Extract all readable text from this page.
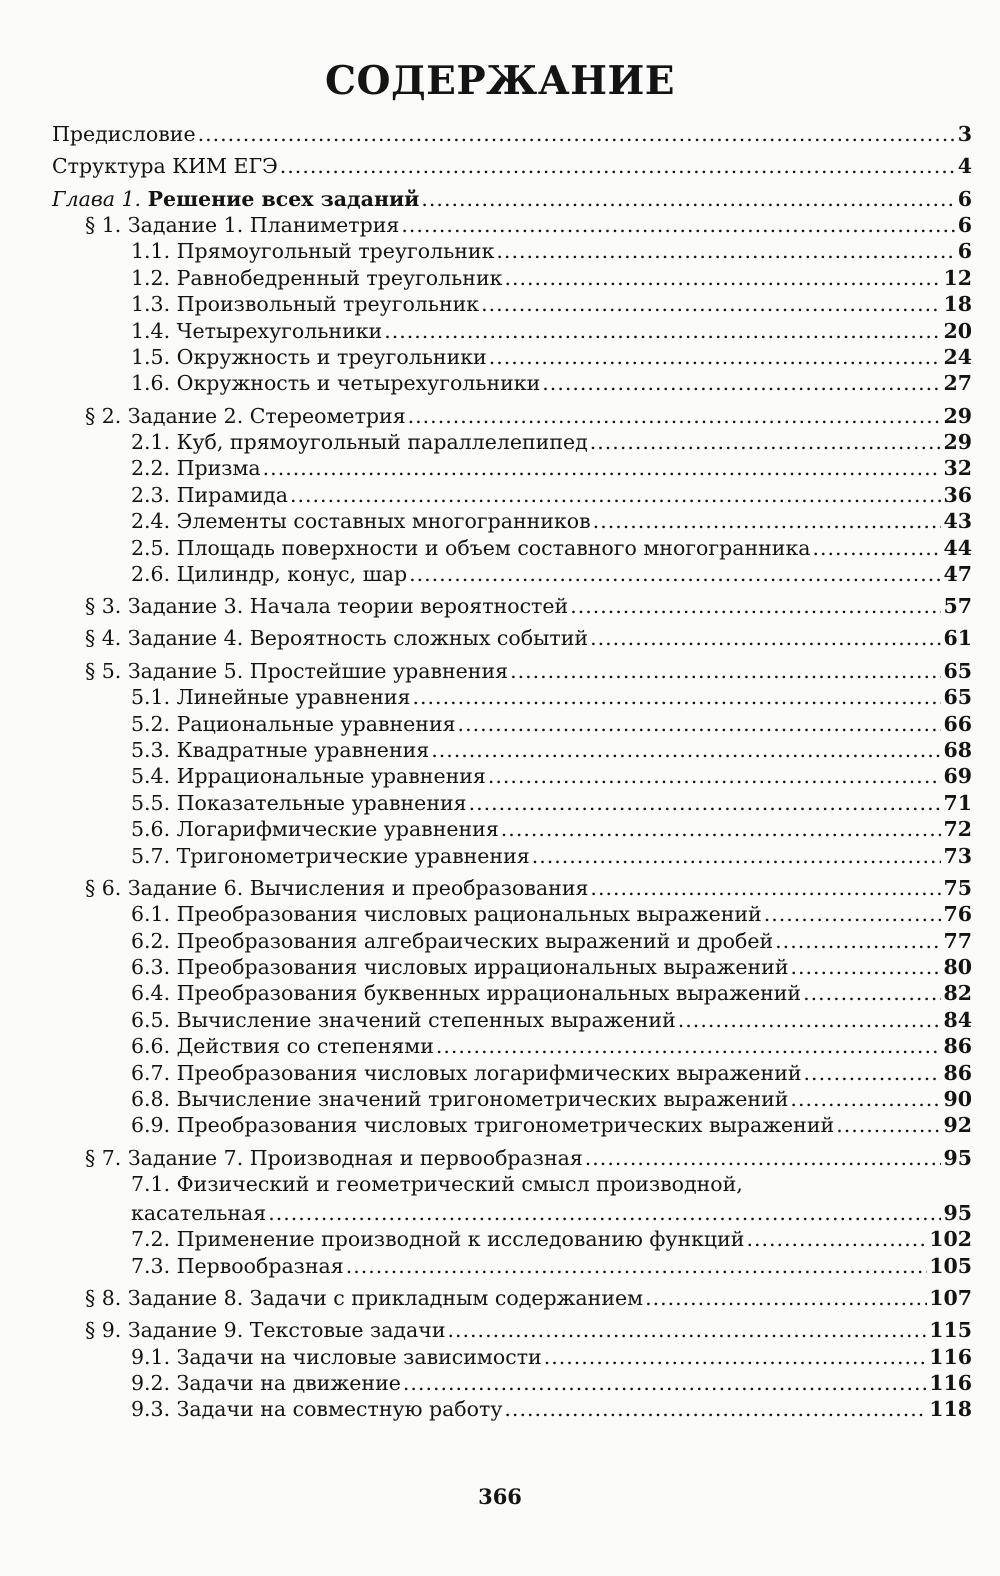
СОДЕРЖАНИЕ
Предисловие .....	3
Структура КИМ ЕГЭ .....	4
Глава 1. Решение всех заданий .....	6
§ 1. Задание 1. Планиметрия .....	6
1.1. Прямоугольный треугольник .....	6
1.2. Равнобедренный треугольник .....	12
1.3. Произвольный треугольник .....	18
1.4. Четырехугольники .....	20
1.5. Окружность и треугольники .....	24
1.6. Окружность и четырехугольники .....	27
§ 2. Задание 2. Стереометрия .....	29
2.1. Куб, прямоугольный параллелепипед .....	29
2.2. Призма .....	32
2.3. Пирамида .....	36
2.4. Элементы составных многогранников .....	43
2.5. Площадь поверхности и объем составного многогранника .....	44
2.6. Цилиндр, конус, шар .....	47
§ 3. Задание 3. Начала теории вероятностей .....	57
§ 4. Задание 4. Вероятность сложных событий .....	61
§ 5. Задание 5. Простейшие уравнения .....	65
5.1. Линейные уравнения .....	65
5.2. Рациональные уравнения .....	66
5.3. Квадратные уравнения .....	68
5.4. Иррациональные уравнения .....	69
5.5. Показательные уравнения .....	71
5.6. Логарифмические уравнения .....	72
5.7. Тригонометрические уравнения .....	73
§ 6. Задание 6. Вычисления и преобразования .....	75
6.1. Преобразования числовых рациональных выражений .....	76
6.2. Преобразования алгебраических выражений и дробей .....	77
6.3. Преобразования числовых иррациональных выражений .....	80
6.4. Преобразования буквенных иррациональных выражений .....	82
6.5. Вычисление значений степенных выражений .....	84
6.6. Действия со степенями .....	86
6.7. Преобразования числовых логарифмических выражений .....	86
6.8. Вычисление значений тригонометрических выражений .....	90
6.9. Преобразования числовых тригонометрических выражений .....	92
§ 7. Задание 7. Производная и первообразная .....	95
7.1. Физический и геометрический смысл производной,
касательная .....	95
7.2. Применение производной к исследованию функций .....	102
7.3. Первообразная .....	105
§ 8. Задание 8. Задачи с прикладным содержанием .....	107
§ 9. Задание 9. Текстовые задачи .....	115
9.1. Задачи на числовые зависимости .....	116
9.2. Задачи на движение .....	116
9.3. Задачи на совместную работу .....	118
366
